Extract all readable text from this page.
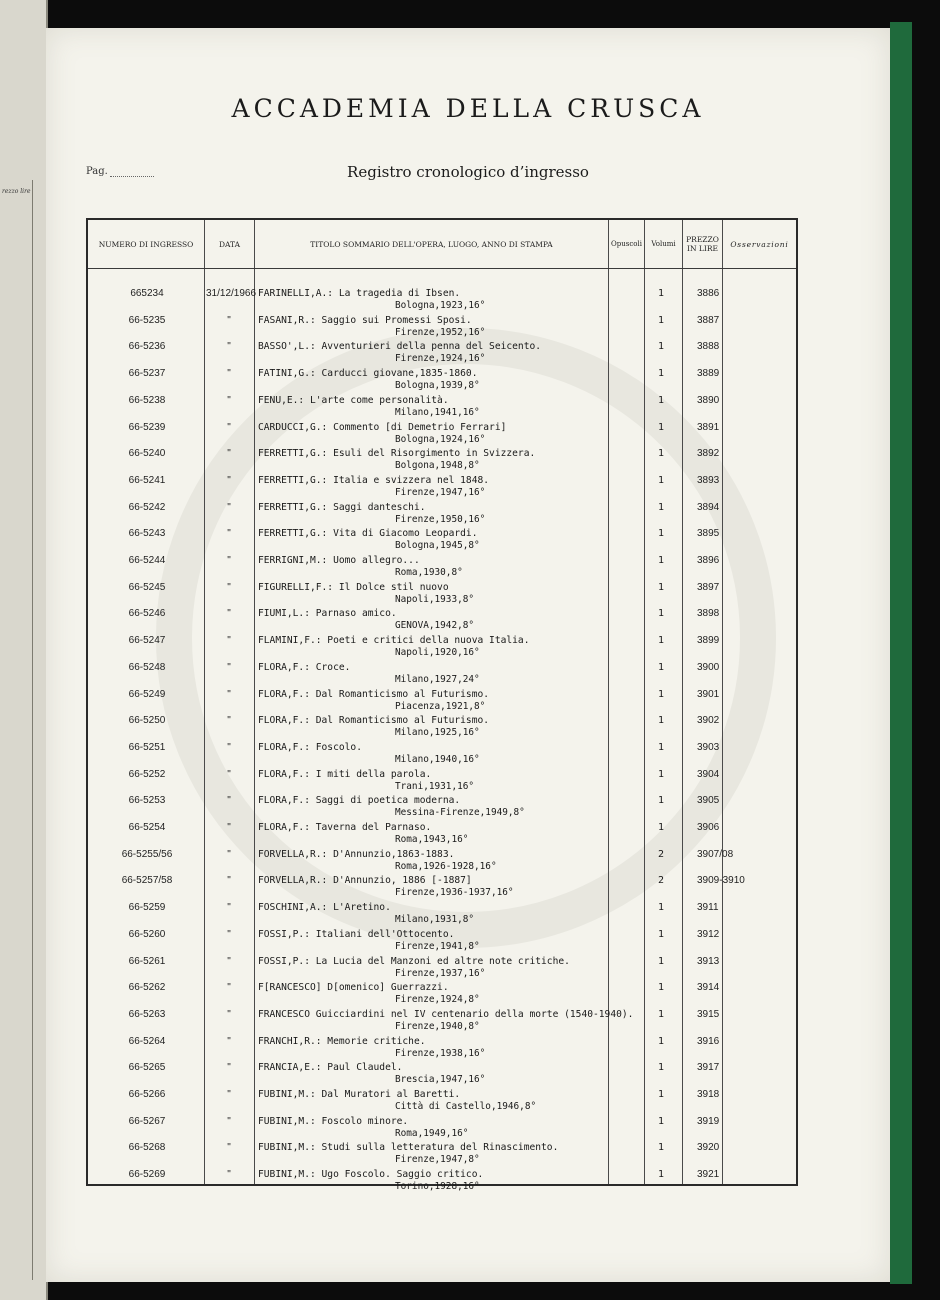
rezzo lire
ACCADEMIA DELLA CRUSCA
Pag.	Registro cronologico d’ingresso
NUMERO DI INGRESSO	DATA	TITOLO SOMMARIO DELL'OPERA, LUOGO, ANNO DI STAMPA	Opuscoli	Volumi	PREZZO IN LIRE	Osservazioni
665234	31/12/1966 FARINELLI,A.: La tragedia di Ibsen.
Bologna,1923,16°
1	3886
66-5235	"	FASANI,R.: Saggio sui Promessi Sposi.
Firenze,1952,16°
1	3887
66-5236	"	BASSO',L.: Avventurieri della penna del Seicento.
Firenze,1924,16°
1	3888
66-5237	"	FATINI,G.: Carducci giovane,1835-1860.
Bologna,1939,8°
1	3889
66-5238	"	FENU,E.: L'arte come personalità.
Milano,1941,16°
1	3890
66-5239	"	CARDUCCI,G.: Commento [di Demetrio Ferrari]
Bologna,1924,16°
1	3891
66-5240	"	FERRETTI,G.: Esuli del Risorgimento in Svizzera.
Bolgona,1948,8°
1	3892
66-5241	"	FERRETTI,G.: Italia e svizzera nel 1848.
Firenze,1947,16°
1	3893
66-5242	"	FERRETTI,G.: Saggi danteschi.
Firenze,1950,16°
1	3894
66-5243	"	FERRETTI,G.: Vita di Giacomo Leopardi.
Bologna,1945,8°
1	3895
66-5244	"	FERRIGNI,M.: Uomo allegro...
Roma,1930,8°
1	3896
66-5245	"	FIGURELLI,F.: Il Dolce stil nuovo
Napoli,1933,8°
1	3897
66-5246	"	FIUMI,L.: Parnaso amico.
GENOVA,1942,8°
1	3898
66-5247	"	FLAMINI,F.: Poeti e critici della nuova Italia.
Napoli,1920,16°
1	3899
66-5248	"	FLORA,F.: Croce.
Milano,1927,24°
1	3900
66-5249	"	FLORA,F.: Dal Romanticismo al Futurismo.
Piacenza,1921,8°
1	3901
66-5250	"	FLORA,F.: Dal Romanticismo al Futurismo.
Milano,1925,16°
1	3902
66-5251	"	FLORA,F.: Foscolo.
Milano,1940,16°
1	3903
66-5252	"	FLORA,F.: I miti della parola.
Trani,1931,16°
1	3904
66-5253	"	FLORA,F.: Saggi di poetica moderna.
Messina-Firenze,1949,8°
1	3905
66-5254	"	FLORA,F.: Taverna del Parnaso.
Roma,1943,16°
1	3906
66-5255/56	"	FORVELLA,R.: D'Annunzio,1863-1883.
Roma,1926-1928,16°
2	3907/08
66-5257/58	"	FORVELLA,R.: D'Annunzio, 1886 [-1887]
Firenze,1936-1937,16°
2	3909-3910
66-5259	"	FOSCHINI,A.: L'Aretino.
Milano,1931,8°
1	3911
66-5260	"	FOSSI,P.: Italiani dell'Ottocento.
Firenze,1941,8°
1	3912
66-5261	"	FOSSI,P.: La Lucia del Manzoni ed altre note critiche.
Firenze,1937,16°
1	3913
66-5262	"	F[RANCESCO] D[omenico] Guerrazzi.
Firenze,1924,8°
1	3914
66-5263	"	FRANCESCO Guicciardini nel IV centenario della morte (1540-1940).
Firenze,1940,8°
1	3915
66-5264	"	FRANCHI,R.: Memorie critiche.
Firenze,1938,16°
1	3916
66-5265	"	FRANCIA,E.: Paul Claudel.
Brescia,1947,16°
1	3917
66-5266	"	FUBINI,M.: Dal Muratori al Baretti.
Città di Castello,1946,8°
1	3918
66-5267	"	FUBINI,M.: Foscolo minore.
Roma,1949,16°
1	3919
66-5268	"	FUBINI,M.: Studi sulla letteratura del Rinascimento.
Firenze,1947,8°
1	3920
66-5269	"	FUBINI,M.: Ugo Foscolo. Saggio critico.
Torino,1928,16°
1	3921
